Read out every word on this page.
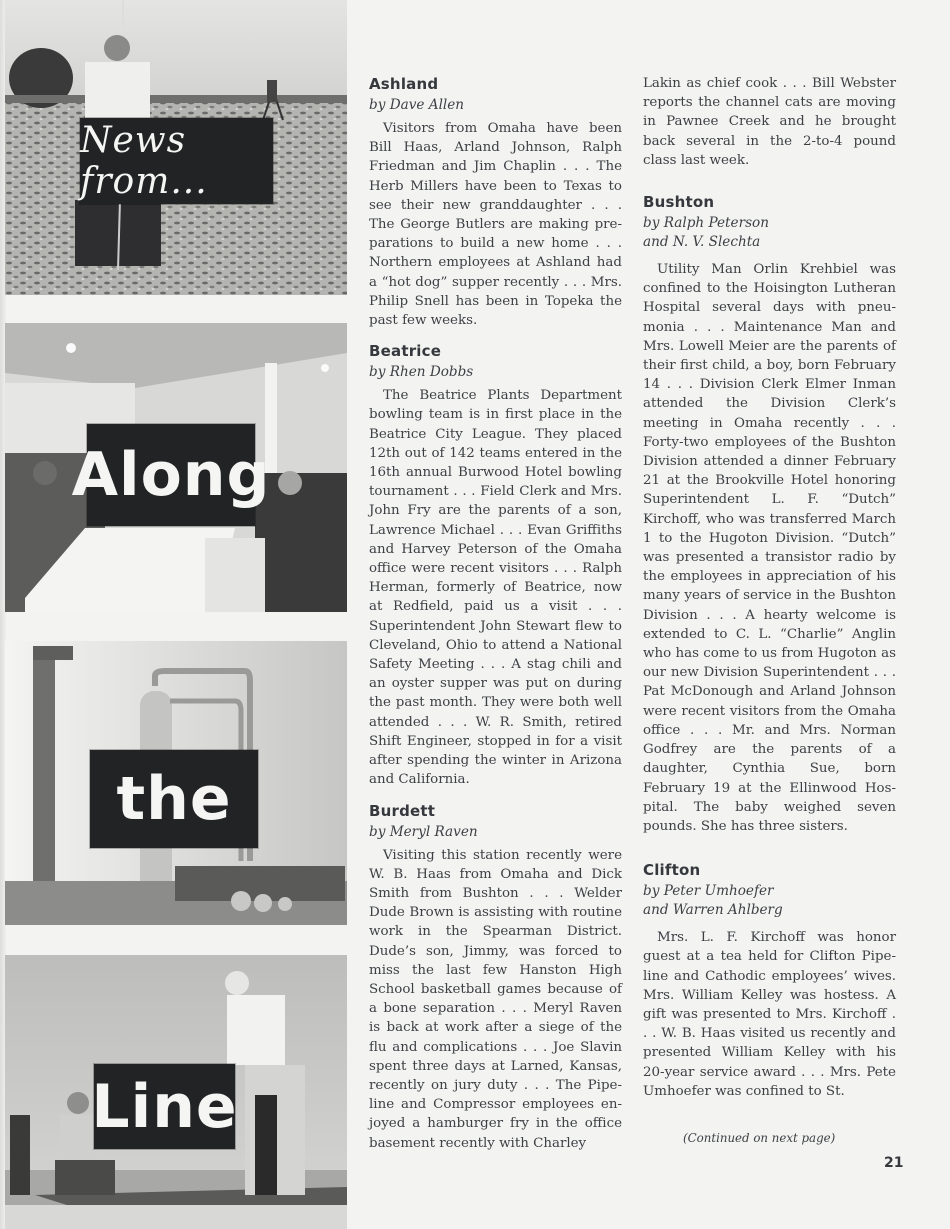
News from...
Along
the
Line
Ashland
by Dave Allen

Visitors from Omaha have been Bill Haas, Arland Johnson, Ralph Friedman and Jim Chaplin . . . The Herb Millers have been to Texas to see their new granddaughter . . . The George Butlers are making preparations to build a new home . . . Northern employees at Ashland had a “hot dog” supper recently . . . Mrs. Philip Snell has been in Topeka the past few weeks.

Beatrice
by Rhen Dobbs

The Beatrice Plants Department bowling team is in first place in the Beatrice City League. They placed 12th out of 142 teams entered in the 16th annual Burwood Hotel bowling tournament . . . Field Clerk and Mrs. John Fry are the parents of a son, Lawrence Michael . . . Evan Griffiths and Harvey Peterson of the Omaha office were recent visitors . . . Ralph Herman, formerly of Beatrice, now at Redfield, paid us a visit . . . Superintendent John Stewart flew to Cleveland, Ohio to attend a National Safety Meeting . . . A stag chili and an oyster supper was put on during the past month. They were both well attended . . . W. R. Smith, retired Shift Engineer, stopped in for a visit after spending the winter in Arizona and California.

Burdett
by Meryl Raven

Visiting this station recently were W. B. Haas from Omaha and Dick Smith from Bushton . . . Welder Dude Brown is assisting with routine work in the Spearman District. Dude’s son, Jimmy, was forced to miss the last few Hanston High School basketball games because of a bone separation . . . Meryl Raven is back at work after a siege of the flu and complications . . . Joe Slavin spent three days at Larned, Kansas, recently on jury duty . . . The Pipeline and Compressor employees enjoyed a hamburger fry in the office basement recently with Charley

Lakin as chief cook . . . Bill Webster reports the channel cats are moving in Pawnee Creek and he brought back several in the 2-to-4 pound class last week.

Bushton
by Ralph Peterson
and N. V. Slechta

Utility Man Orlin Krehbiel was confined to the Hoisington Lutheran Hospital several days with pneumonia . . . Maintenance Man and Mrs. Lowell Meier are the parents of their first child, a boy, born February 14 . . . Division Clerk Elmer Inman attended the Division Clerk’s meeting in Omaha recently . . . Forty-two employees of the Bushton Division attended a dinner February 21 at the Brookville Hotel honoring Superintendent L. F. “Dutch” Kirchoff, who was transferred March 1 to the Hugoton Division. “Dutch” was presented a transistor radio by the employees in appreciation of his many years of service in the Bushton Division . . . A hearty welcome is extended to C. L. “Charlie” Anglin who has come to us from Hugoton as our new Division Superintendent . . . Pat McDonough and Arland Johnson were recent visitors from the Omaha office . . . Mr. and Mrs. Norman Godfrey are the parents of a daughter, Cynthia Sue, born February 19 at the Ellinwood Hospital. The baby weighed seven pounds. She has three sisters.

Clifton
by Peter Umhoefer
and Warren Ahlberg

Mrs. L. F. Kirchoff was honor guest at a tea held for Clifton Pipeline and Cathodic employees’ wives. Mrs. William Kelley was hostess. A gift was presented to Mrs. Kirchoff . . . W. B. Haas visited us recently and presented William Kelley with his 20-year service award . . . Mrs. Pete Umhoefer was confined to St.

(Continued on next page)
21
